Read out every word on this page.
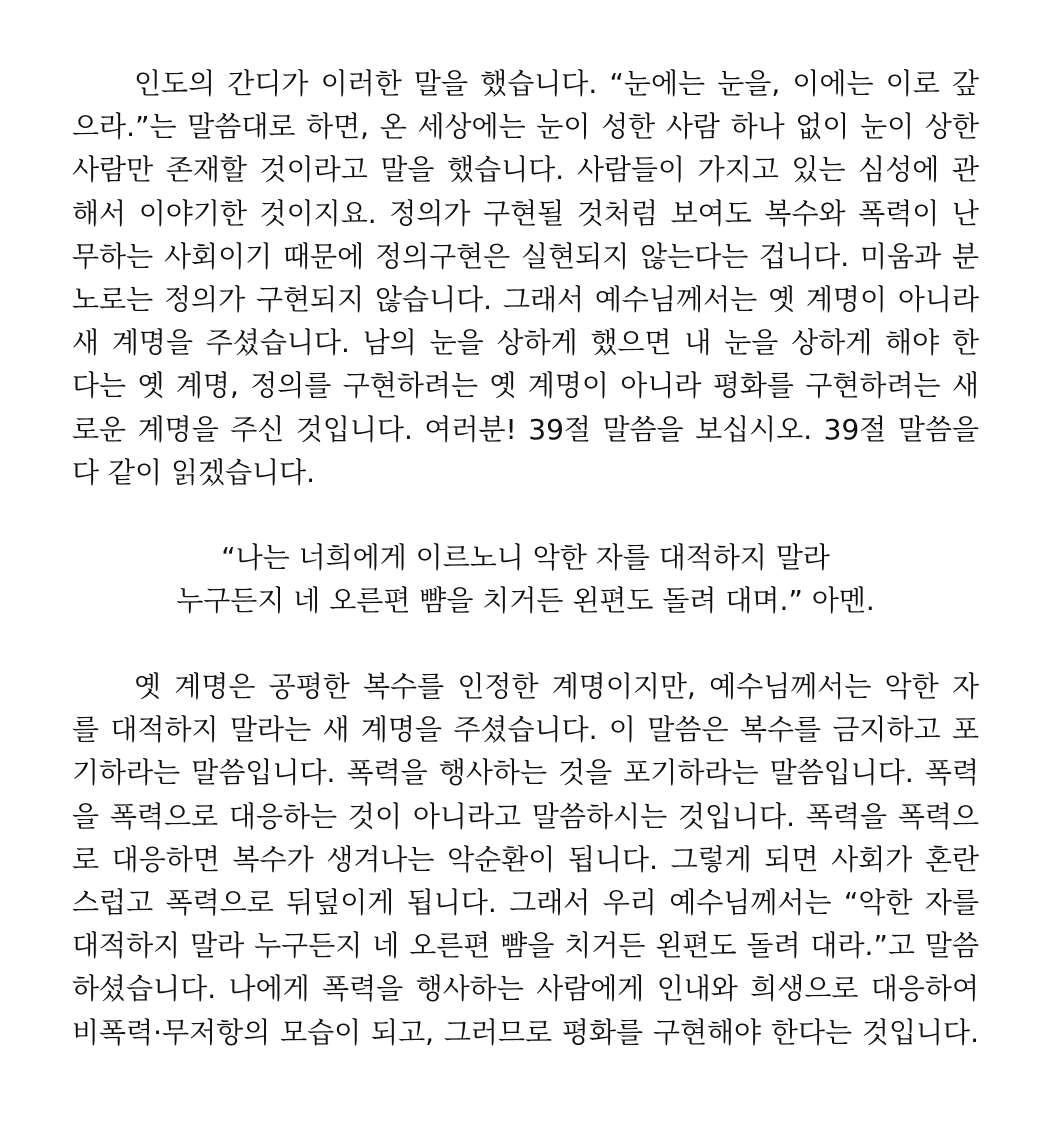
인도의 간디가 이러한 말을 했습니다. “눈에는 눈을, 이에는 이로 갚
으라.”는 말씀대로 하면, 온 세상에는 눈이 성한 사람 하나 없이 눈이 상한
사람만 존재할 것이라고 말을 했습니다. 사람들이 가지고 있는 심성에 관
해서 이야기한 것이지요. 정의가 구현될 것처럼 보여도 복수와 폭력이 난
무하는 사회이기 때문에 정의구현은 실현되지 않는다는 겁니다. 미움과 분
노로는 정의가 구현되지 않습니다. 그래서 예수님께서는 옛 계명이 아니라
새 계명을 주셨습니다. 남의 눈을 상하게 했으면 내 눈을 상하게 해야 한
다는 옛 계명, 정의를 구현하려는 옛 계명이 아니라 평화를 구현하려는 새
로운 계명을 주신 것입니다. 여러분! 39절 말씀을 보십시오. 39절 말씀을
다 같이 읽겠습니다.
“나는 너희에게 이르노니 악한 자를 대적하지 말라
누구든지 네 오른편 뺨을 치거든 왼편도 돌려 대며.” 아멘.
옛 계명은 공평한 복수를 인정한 계명이지만, 예수님께서는 악한 자
를 대적하지 말라는 새 계명을 주셨습니다. 이 말씀은 복수를 금지하고 포
기하라는 말씀입니다. 폭력을 행사하는 것을 포기하라는 말씀입니다. 폭력
을 폭력으로 대응하는 것이 아니라고 말씀하시는 것입니다. 폭력을 폭력으
로 대응하면 복수가 생겨나는 악순환이 됩니다. 그렇게 되면 사회가 혼란
스럽고 폭력으로 뒤덮이게 됩니다. 그래서 우리 예수님께서는 “악한 자를
대적하지 말라 누구든지 네 오른편 뺨을 치거든 왼편도 돌려 대라.”고 말씀
하셨습니다. 나에게 폭력을 행사하는 사람에게 인내와 희생으로 대응하여
비폭력·무저항의 모습이 되고, 그러므로 평화를 구현해야 한다는 것입니다.
